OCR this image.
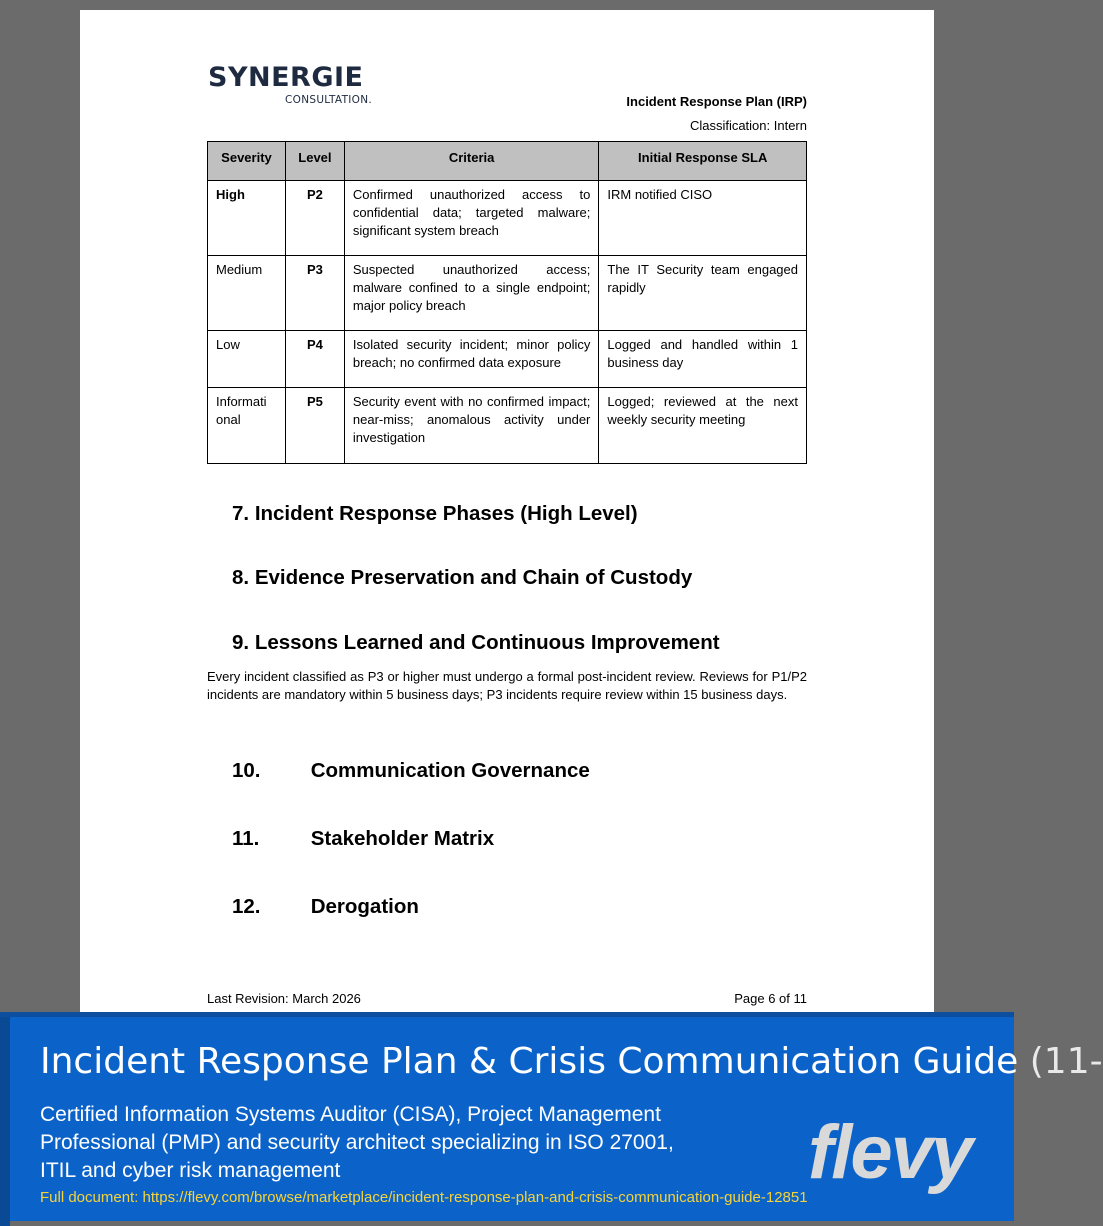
SYNERGIE
CONSULTATION.	Incident Response Plan (IRP)
Classification: Intern
Severity	Level	Criteria	Initial Response SLA
High	P2	Confirmed unauthorized access to confidential data; targeted malware; significant system breach	IRM notified CISO
Medium	P3	Suspected unauthorized access; malware confined to a single endpoint; major policy breach	The IT Security team engaged rapidly
Low	P4	Isolated security incident; minor policy breach; no confirmed data exposure	Logged and handled within 1 business day
Informati onal	P5	Security event with no confirmed impact; near-miss; anomalous activity under investigation	Logged; reviewed at the next weekly security meeting
7. Incident Response Phases (High Level)
8. Evidence Preservation and Chain of Custody
9. Lessons Learned and Continuous Improvement
Every incident classified as P3 or higher must undergo a formal post-incident review. Reviews for P1/P2 incidents are mandatory within 5 business days; P3 incidents require review within 15 business days.
10. Communication Governance
11.	Stakeholder Matrix
12. Derogation
Last Revision: March 2026	Page 6 of 11
Incident Response Plan & Crisis Communication Guide (11-
Certified Information Systems Auditor (CISA), Project Management Professional (PMP) and security architect specializing in ISO 27001, ITIL and cyber risk management
Full document: https://flevy.com/browse/marketplace/incident-response-plan-and-crisis-communication-guide-12851
flevy
